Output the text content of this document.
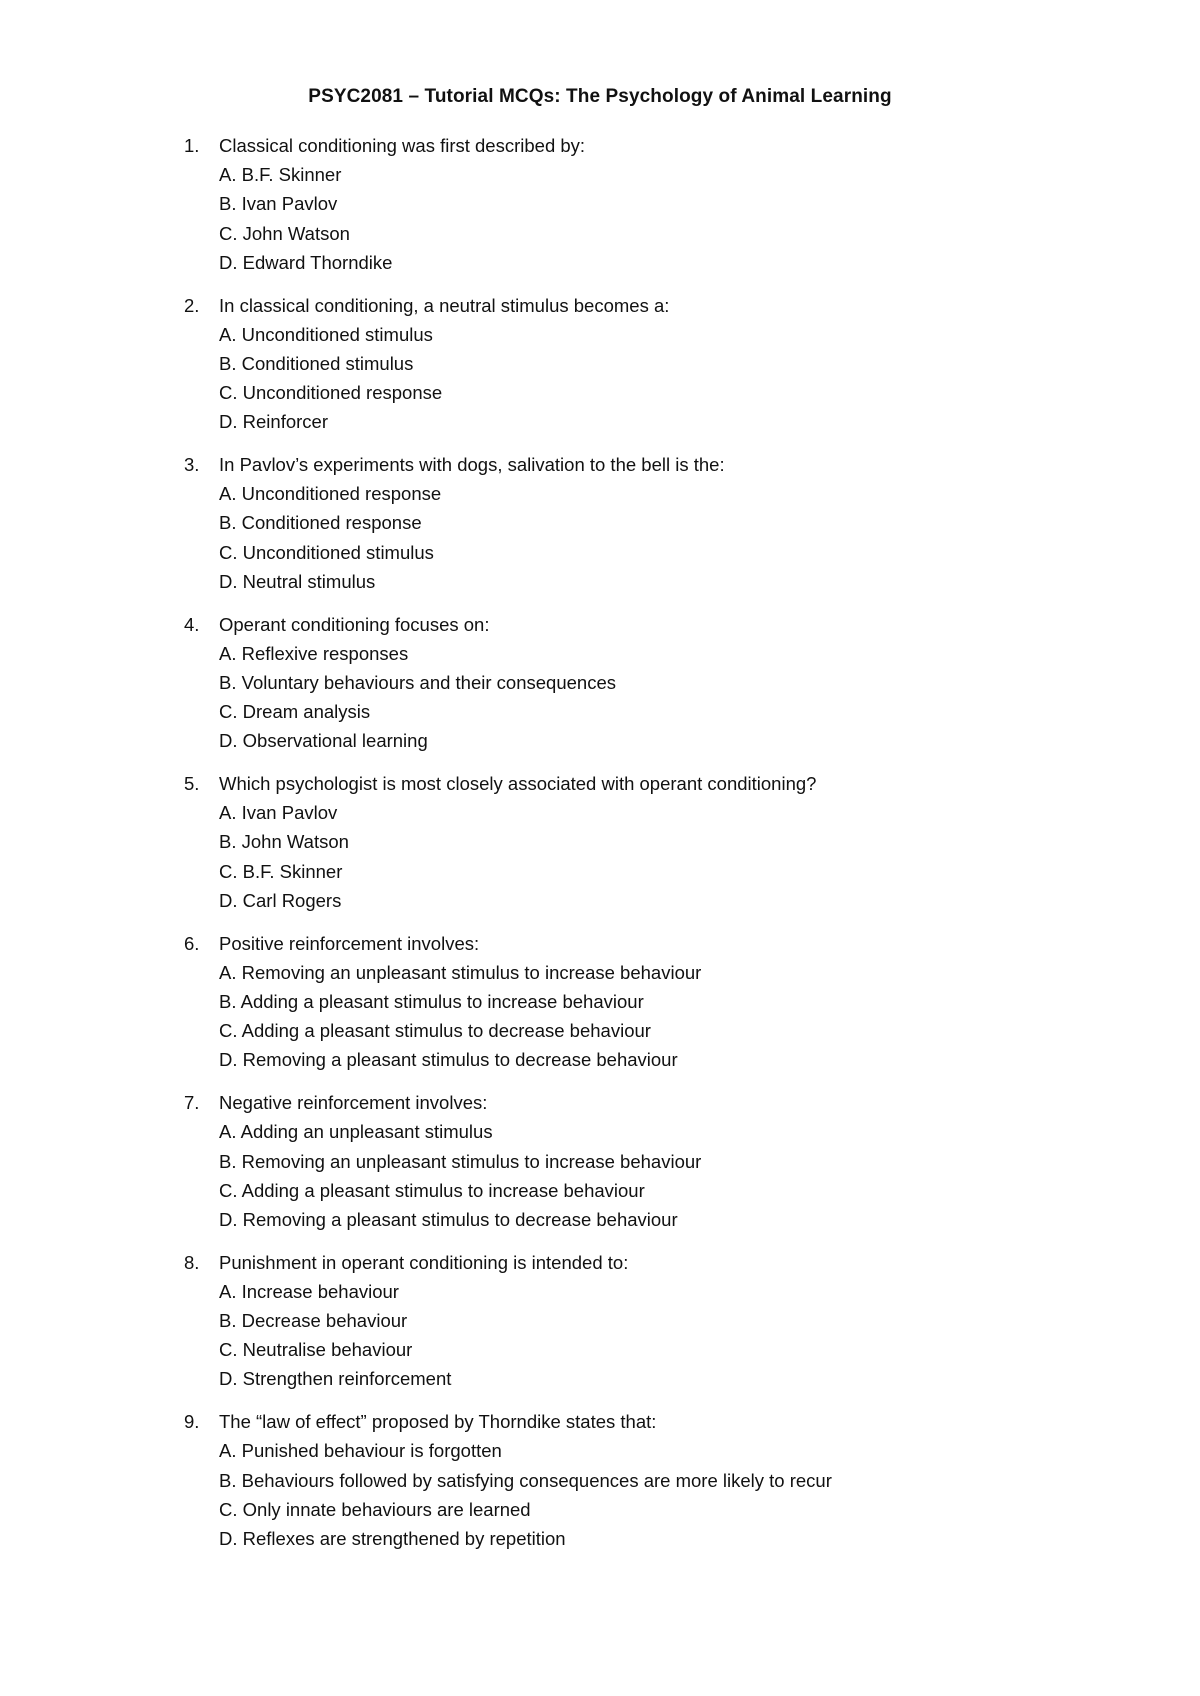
PSYC2081 – Tutorial MCQs: The Psychology of Animal Learning
1.	Classical conditioning was first described by:
A. B.F. Skinner
B. Ivan Pavlov
C. John Watson
D. Edward Thorndike
2.	In classical conditioning, a neutral stimulus becomes a:
A. Unconditioned stimulus
B. Conditioned stimulus
C. Unconditioned response
D. Reinforcer
3.	In Pavlov’s experiments with dogs, salivation to the bell is the:
A. Unconditioned response
B. Conditioned response
C. Unconditioned stimulus
D. Neutral stimulus
4.	Operant conditioning focuses on:
A. Reflexive responses
B. Voluntary behaviours and their consequences
C. Dream analysis
D. Observational learning
5.	Which psychologist is most closely associated with operant conditioning?
A. Ivan Pavlov
B. John Watson
C. B.F. Skinner
D. Carl Rogers
6.	Positive reinforcement involves:
A. Removing an unpleasant stimulus to increase behaviour
B. Adding a pleasant stimulus to increase behaviour
C. Adding a pleasant stimulus to decrease behaviour
D. Removing a pleasant stimulus to decrease behaviour
7.	Negative reinforcement involves:
A. Adding an unpleasant stimulus
B. Removing an unpleasant stimulus to increase behaviour
C. Adding a pleasant stimulus to increase behaviour
D. Removing a pleasant stimulus to decrease behaviour
8.	Punishment in operant conditioning is intended to:
A. Increase behaviour
B. Decrease behaviour
C. Neutralise behaviour
D. Strengthen reinforcement
9.	The “law of effect” proposed by Thorndike states that:
A. Punished behaviour is forgotten
B. Behaviours followed by satisfying consequences are more likely to recur
C. Only innate behaviours are learned
D. Reflexes are strengthened by repetition
